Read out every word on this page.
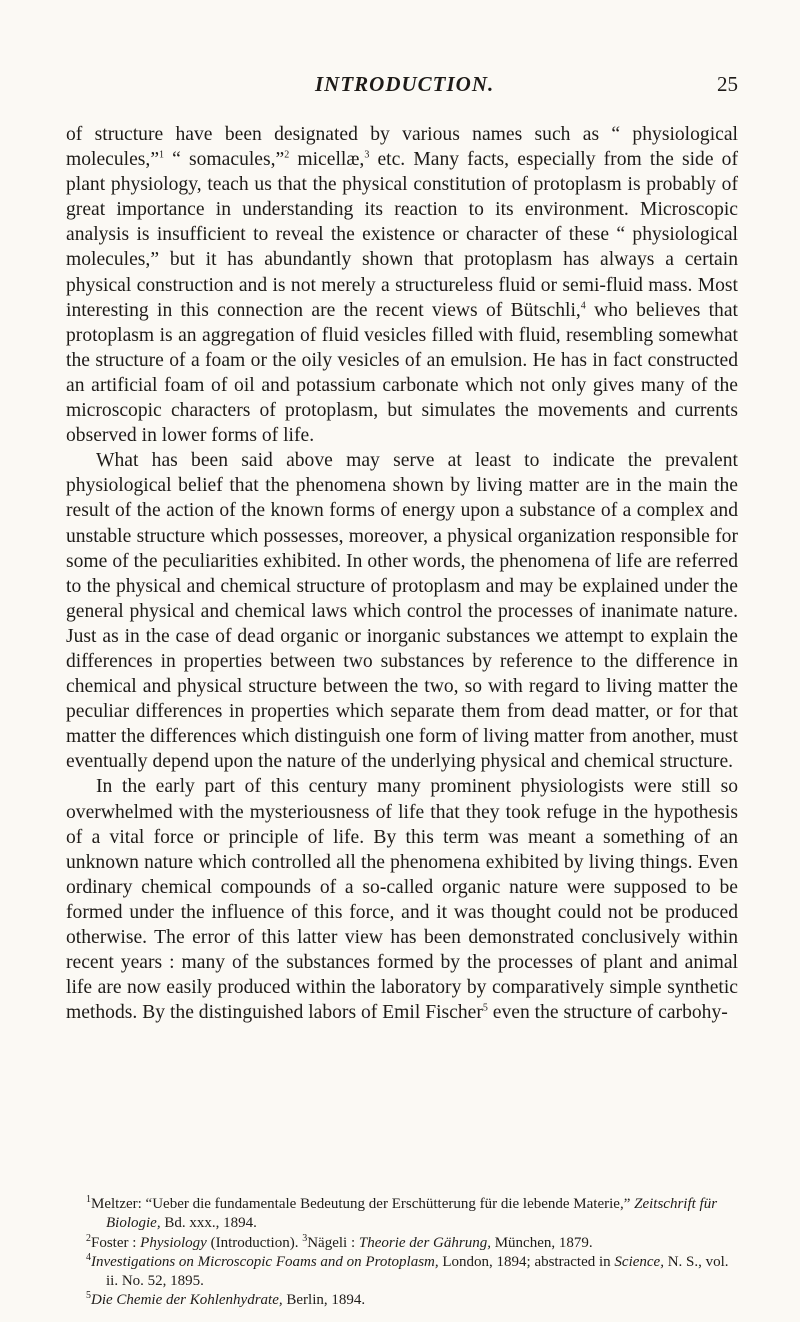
INTRODUCTION.	25

of structure have been designated by various names such as “ physiological molecules,”$^1$ “ somacules,”$^2$ micellæ,$^3$ etc. Many facts, especially from the side of plant physiology, teach us that the physical constitution of protoplasm is probably of great importance in understanding its reaction to its environment. Microscopic analysis is insufficient to reveal the existence or character of these “ physiological molecules,” but it has abundantly shown that protoplasm has always a certain physical construction and is not merely a structureless fluid or semi-fluid mass. Most interesting in this connection are the recent views of Bütschli,$^4$ who believes that protoplasm is an aggregation of fluid vesicles filled with fluid, resembling somewhat the structure of a foam or the oily vesicles of an emulsion. He has in fact constructed an artificial foam of oil and potassium carbonate which not only gives many of the microscopic characters of protoplasm, but simulates the movements and currents observed in lower forms of life.

What has been said above may serve at least to indicate the prevalent physiological belief that the phenomena shown by living matter are in the main the result of the action of the known forms of energy upon a substance of a complex and unstable structure which possesses, moreover, a physical organization responsible for some of the peculiarities exhibited. In other words, the phenomena of life are referred to the physical and chemical structure of protoplasm and may be explained under the general physical and chemical laws which control the processes of inanimate nature. Just as in the case of dead organic or inorganic substances we attempt to explain the differences in properties between two substances by reference to the difference in chemical and physical structure between the two, so with regard to living matter the peculiar differences in properties which separate them from dead matter, or for that matter the differences which distinguish one form of living matter from another, must eventually depend upon the nature of the underlying physical and chemical structure.

In the early part of this century many prominent physiologists were still so overwhelmed with the mysteriousness of life that they took refuge in the hypothesis of a vital force or principle of life. By this term was meant a something of an unknown nature which controlled all the phenomena exhibited by living things. Even ordinary chemical compounds of a so-called organic nature were supposed to be formed under the influence of this force, and it was thought could not be produced otherwise. The error of this latter view has been demonstrated conclusively within recent years : many of the substances formed by the processes of plant and animal life are now easily produced within the laboratory by comparatively simple synthetic methods. By the distinguished labors of Emil Fischer$^5$ even the structure of carbohy-

$^1$Meltzer: “Ueber die fundamentale Bedeutung der Erschütterung für die lebende Materie,” Zeitschrift für Biologie, Bd. xxx., 1894.
$^2$Foster : Physiology (Introduction). $^3$Nägeli : Theorie der Gährung, München, 1879.
$^4$Investigations on Microscopic Foams and on Protoplasm, London, 1894; abstracted in Science, N. S., vol. ii. No. 52, 1895.
$^5$Die Chemie der Kohlenhydrate, Berlin, 1894.
